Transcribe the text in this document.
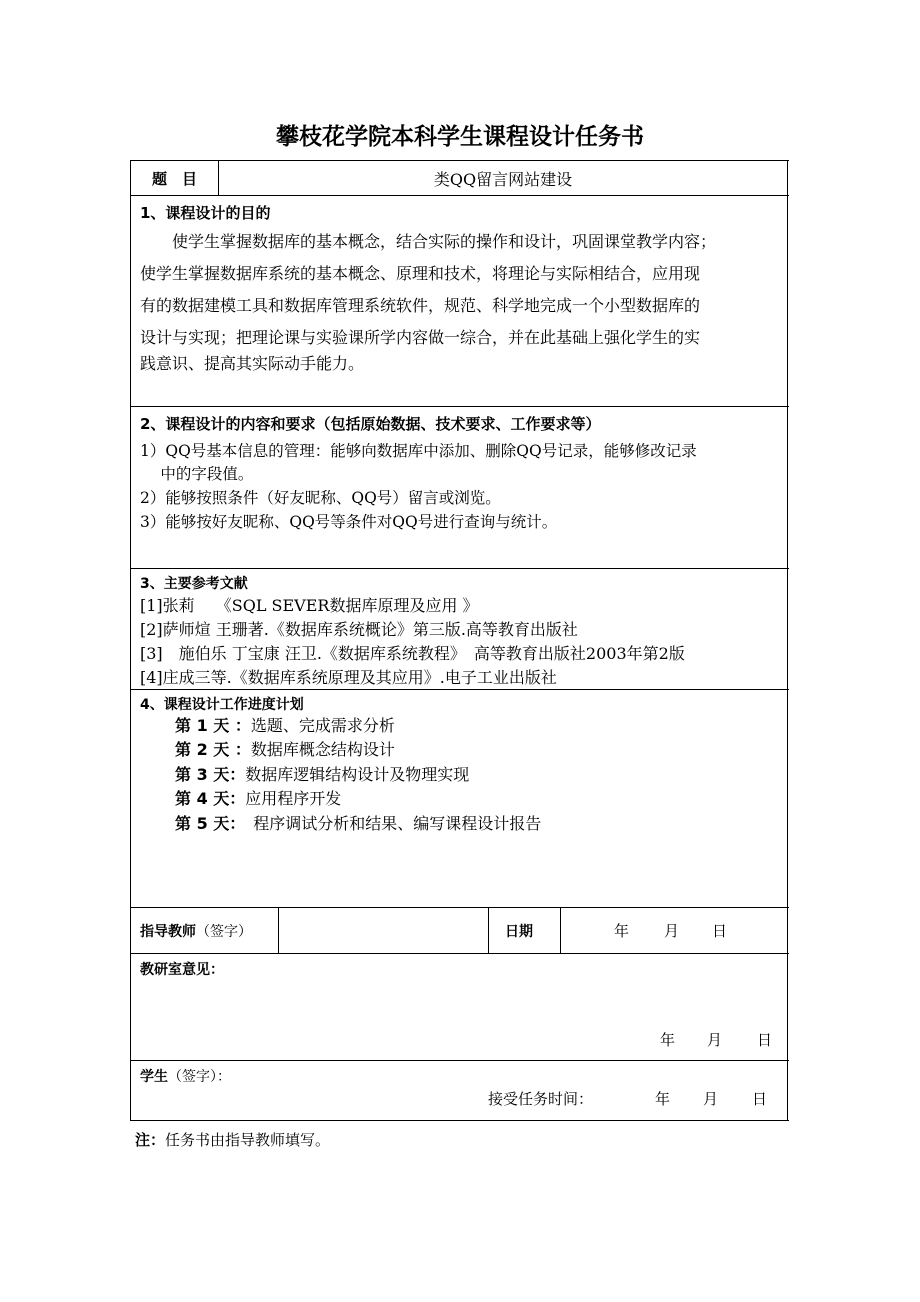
攀枝花学院本科学生课程设计任务书
题　目	类QQ留言网站建设
1、课程设计的目的
　　使学生掌握数据库的基本概念，结合实际的操作和设计，巩固课堂教学内容；
使学生掌握数据库系统的基本概念、原理和技术，将理论与实际相结合，应用现
有的数据建模工具和数据库管理系统软件，规范、科学地完成一个小型数据库的
设计与实现；把理论课与实验课所学内容做一综合，并在此基础上强化学生的实
践意识、提高其实际动手能力。
2、课程设计的内容和要求（包括原始数据、技术要求、工作要求等）
1）QQ号基本信息的管理：能够向数据库中添加、删除QQ号记录，能够修改记录
　 中的字段值。
2）能够按照条件（好友昵称、QQ号）留言或浏览。
3）能够按好友昵称、QQ号等条件对QQ号进行查询与统计。
3、主要参考文献
[1]张莉　 《SQL SEVER数据库原理及应用 》
[2]萨师煊 王珊著.《数据库系统概论》第三版.高等教育出版社
[3]　施伯乐 丁宝康 汪卫.《数据库系统教程》　高等教育出版社2003年第2版
[4]庄成三等.《数据库系统原理及其应用》.电子工业出版社
4、课程设计工作进度计划
第 1 天 ：选题、完成需求分析
第 2 天 ：数据库概念结构设计
第 3 天：数据库逻辑结构设计及物理实现
第 4 天：应用程序开发
第 5 天：　程序调试分析和结果、编写课程设计报告
指导教师（签字）	日期	年 月 日
教研室意见：
年 月 日
学生（签字）：
接受任务时间：	年 月 日
注：任务书由指导教师填写。
